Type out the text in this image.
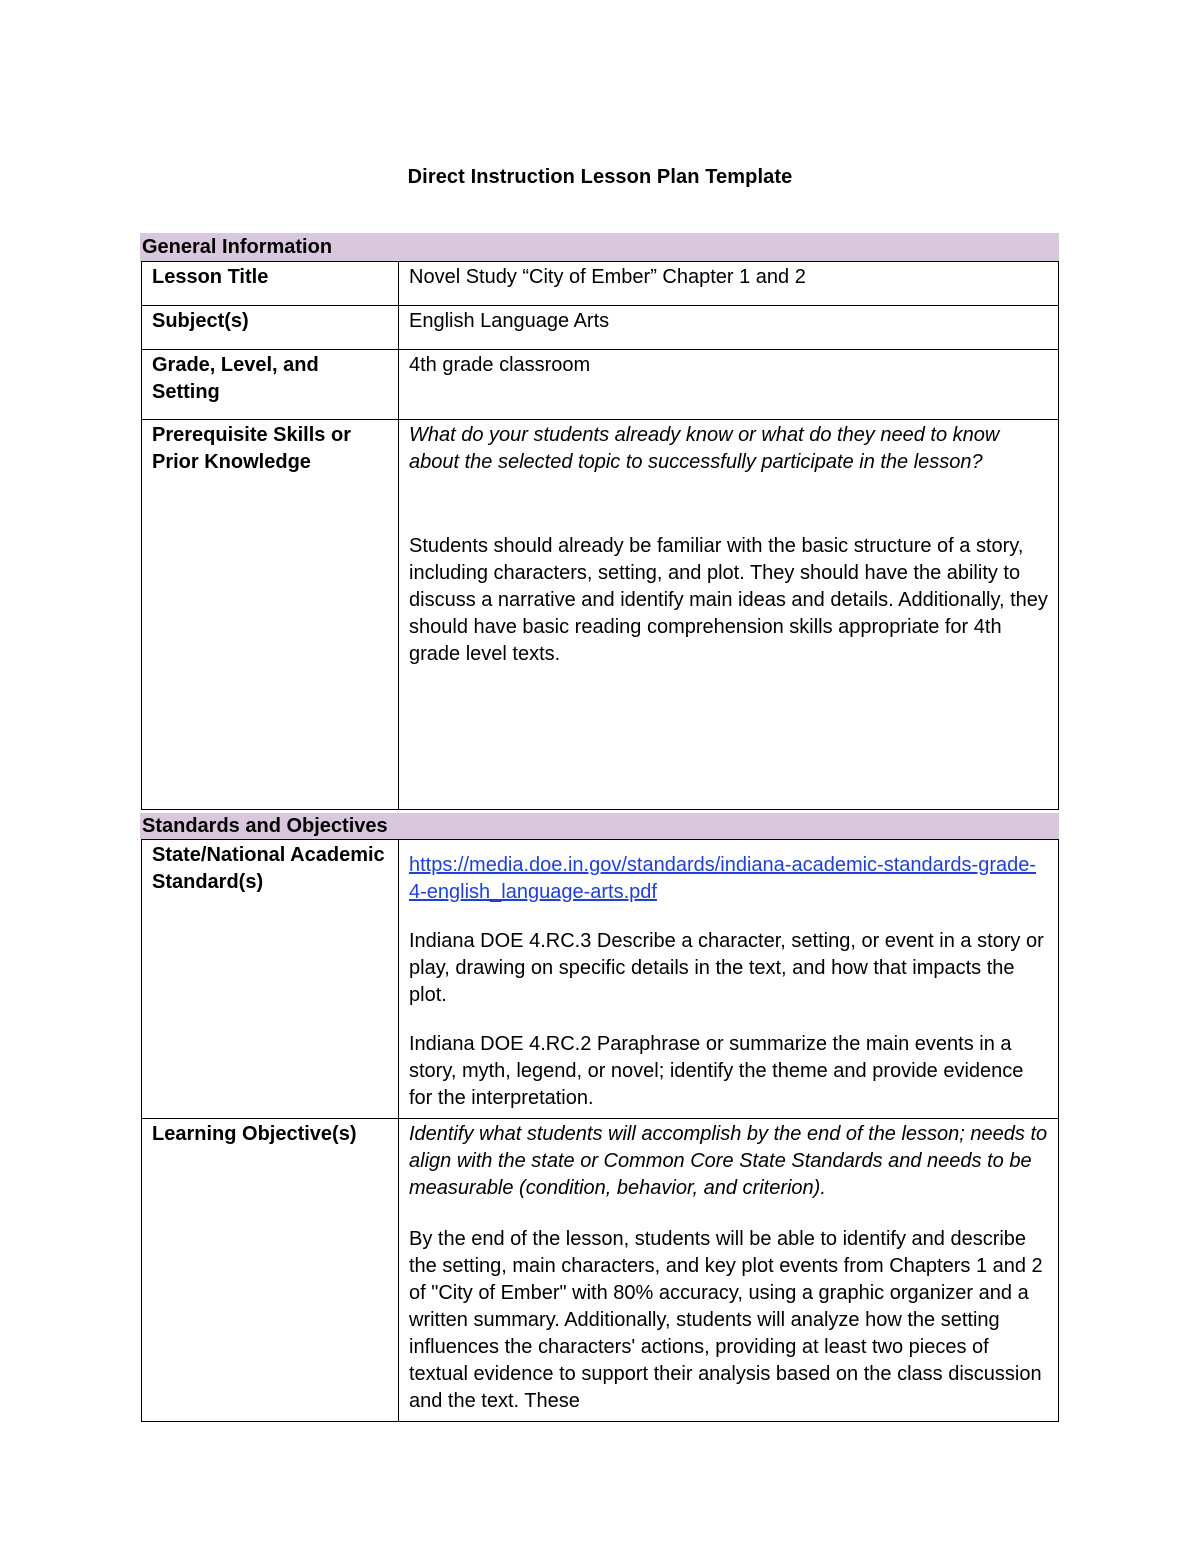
Direct Instruction Lesson Plan Template
General Information
Lesson Title	Novel Study “City of Ember” Chapter 1 and 2
Subject(s)	English Language Arts
Grade, Level, and Setting	4th grade classroom
Prerequisite Skills or Prior Knowledge	What do your students already know or what do they need to know about the selected topic to successfully participate in the lesson?

Students should already be familiar with the basic structure of a story, including characters, setting, and plot. They should have the ability to discuss a narrative and identify main ideas and details. Additionally, they should have basic reading comprehension skills appropriate for 4th grade level texts.

Standards and Objectives
State/National Academic Standard(s)	https://media.doe.in.gov/standards/indiana-academic-standards-grade-4-english_language-arts.pdf

Indiana DOE 4.RC.3 Describe a character, setting, or event in a story or play, drawing on specific details in the text, and how that impacts the plot.

Indiana DOE 4.RC.2 Paraphrase or summarize the main events in a story, myth, legend, or novel; identify the theme and provide evidence for the interpretation.

Learning Objective(s)	Identify what students will accomplish by the end of the lesson; needs to align with the state or Common Core State Standards and needs to be measurable (condition, behavior, and criterion).

By the end of the lesson, students will be able to identify and describe the setting, main characters, and key plot events from Chapters 1 and 2 of "City of Ember" with 80% accuracy, using a graphic organizer and a written summary. Additionally, students will analyze how the setting influences the characters' actions, providing at least two pieces of textual evidence to support their analysis based on the class discussion and the text. These
